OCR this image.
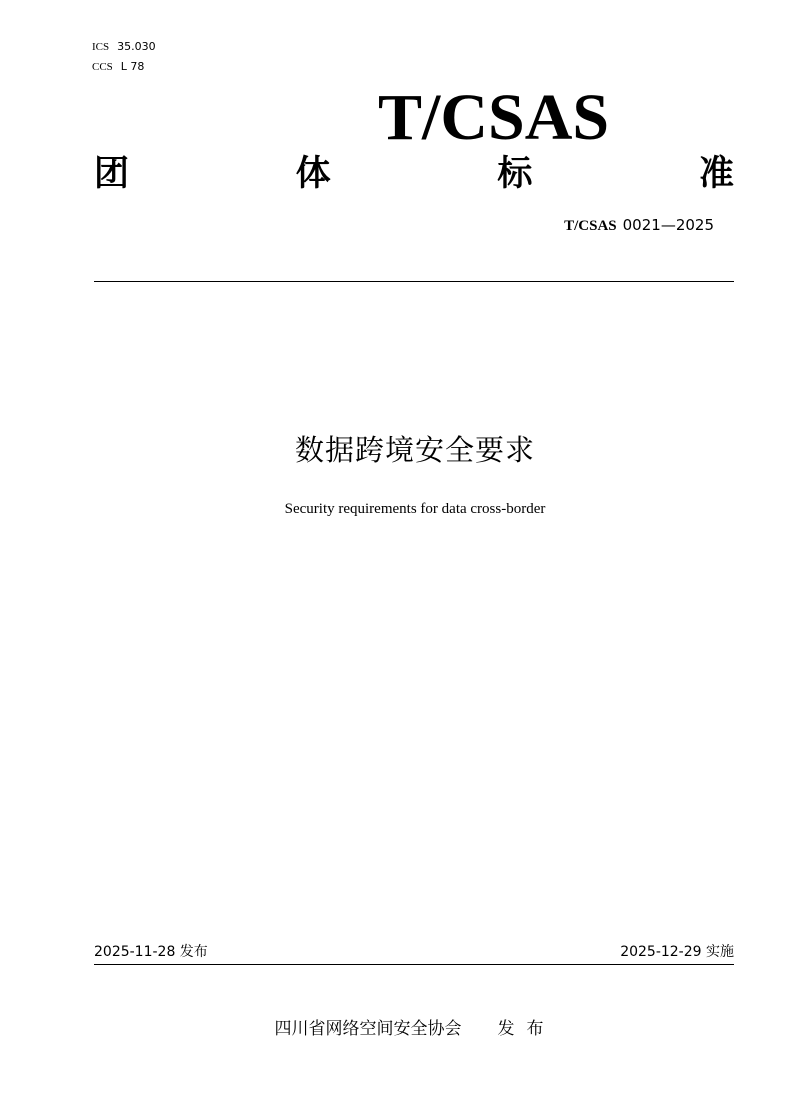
ICS 35.030
CCS L 78
T/CSAS
团	体	标	准
T/CSAS 0021—2025
数据跨境安全要求
Security requirements for data cross-border
2025-11-28 发布	2025-12-29 实施
四川省网络空间安全协会 发布
